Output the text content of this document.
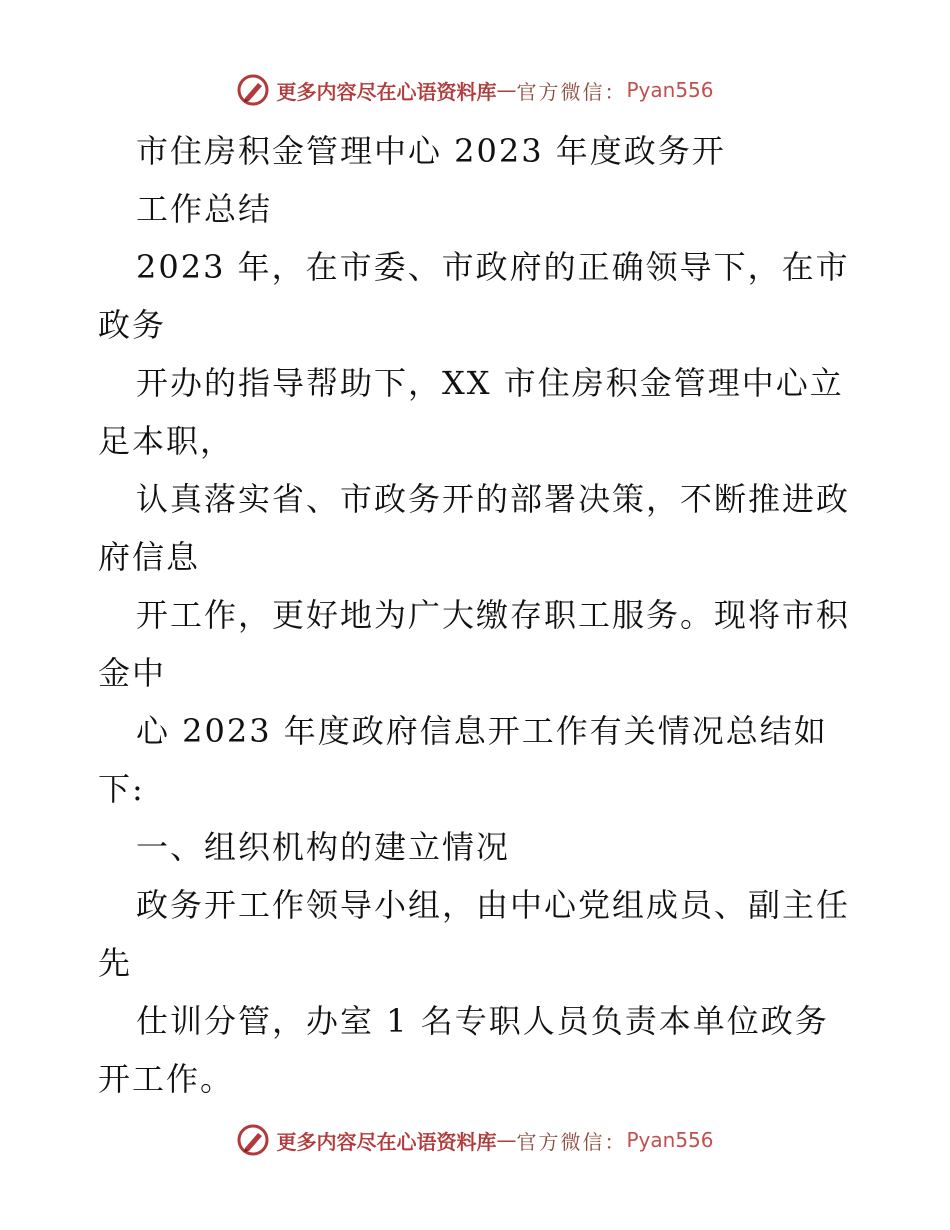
更多内容尽在心语资料库 — 官方微信： Pyan556
市住房积金管理中心 2023 年度政务开
工作总结
2023 年，在市委、市政府的正确领导下，在市
政务
开办的指导帮助下，XX 市住房积金管理中心立
足本职，
认真落实省、市政务开的部署决策，不断推进政
府信息
开工作，更好地为广大缴存职工服务。现将市积
金中
心 2023 年度政府信息开工作有关情况总结如
下:
一、组织机构的建立情况
政务开工作领导小组，由中心党组成员、副主任
先
仕训分管，办室 1 名专职人员负责本单位政务
开工作。
更多内容尽在心语资料库 — 官方微信： Pyan556
